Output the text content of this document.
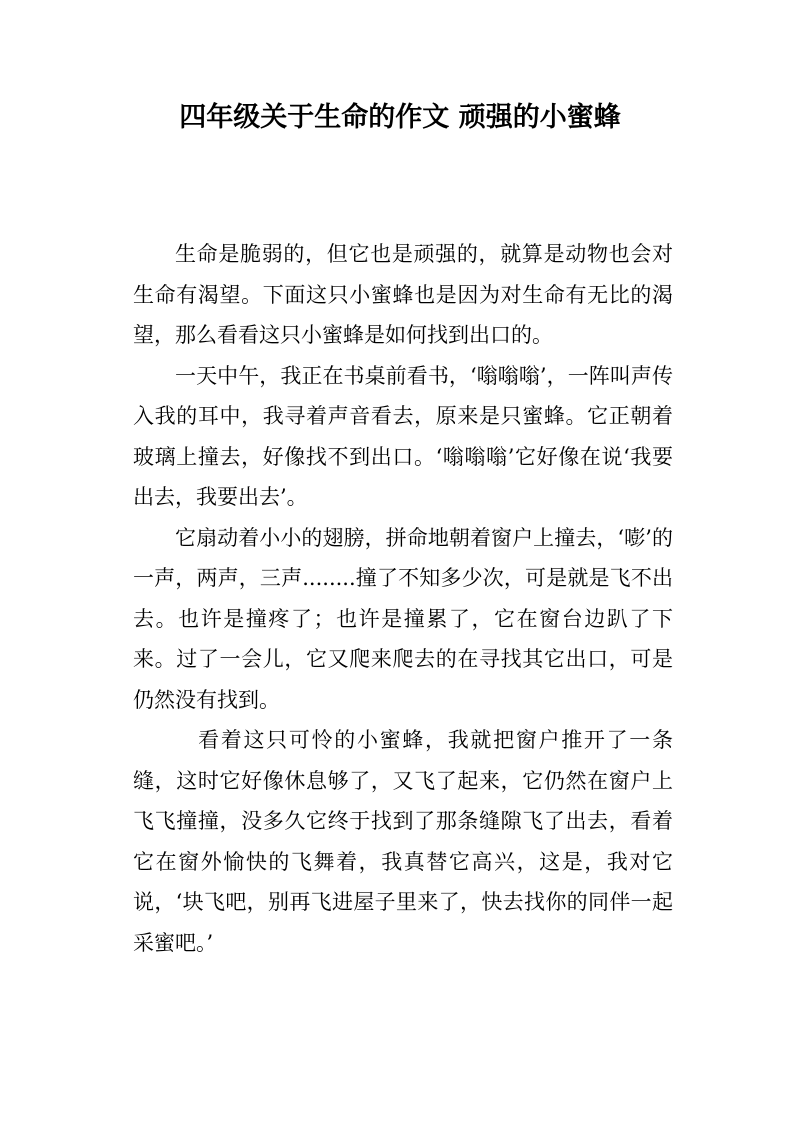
四年级关于生命的作文 顽强的小蜜蜂

生命是脆弱的，但它也是顽强的，就算是动物也会对生命有渴望。下面这只小蜜蜂也是因为对生命有无比的渴望，那么看看这只小蜜蜂是如何找到出口的。

一天中午，我正在书桌前看书，‘嗡嗡嗡’，一阵叫声传入我的耳中，我寻着声音看去，原来是只蜜蜂。它正朝着玻璃上撞去，好像找不到出口。‘嗡嗡嗡’它好像在说‘我要出去，我要出去’。

它扇动着小小的翅膀，拼命地朝着窗户上撞去，‘嘭’的一声，两声，三声........撞了不知多少次，可是就是飞不出去。也许是撞疼了；也许是撞累了，它在窗台边趴了下来。过了一会儿，它又爬来爬去的在寻找其它出口，可是仍然没有找到。

看着这只可怜的小蜜蜂，我就把窗户推开了一条缝，这时它好像休息够了，又飞了起来，它仍然在窗户上飞飞撞撞，没多久它终于找到了那条缝隙飞了出去，看着它在窗外愉快的飞舞着，我真替它高兴，这是，我对它说，‘块飞吧，别再飞进屋子里来了，快去找你的同伴一起采蜜吧。’
